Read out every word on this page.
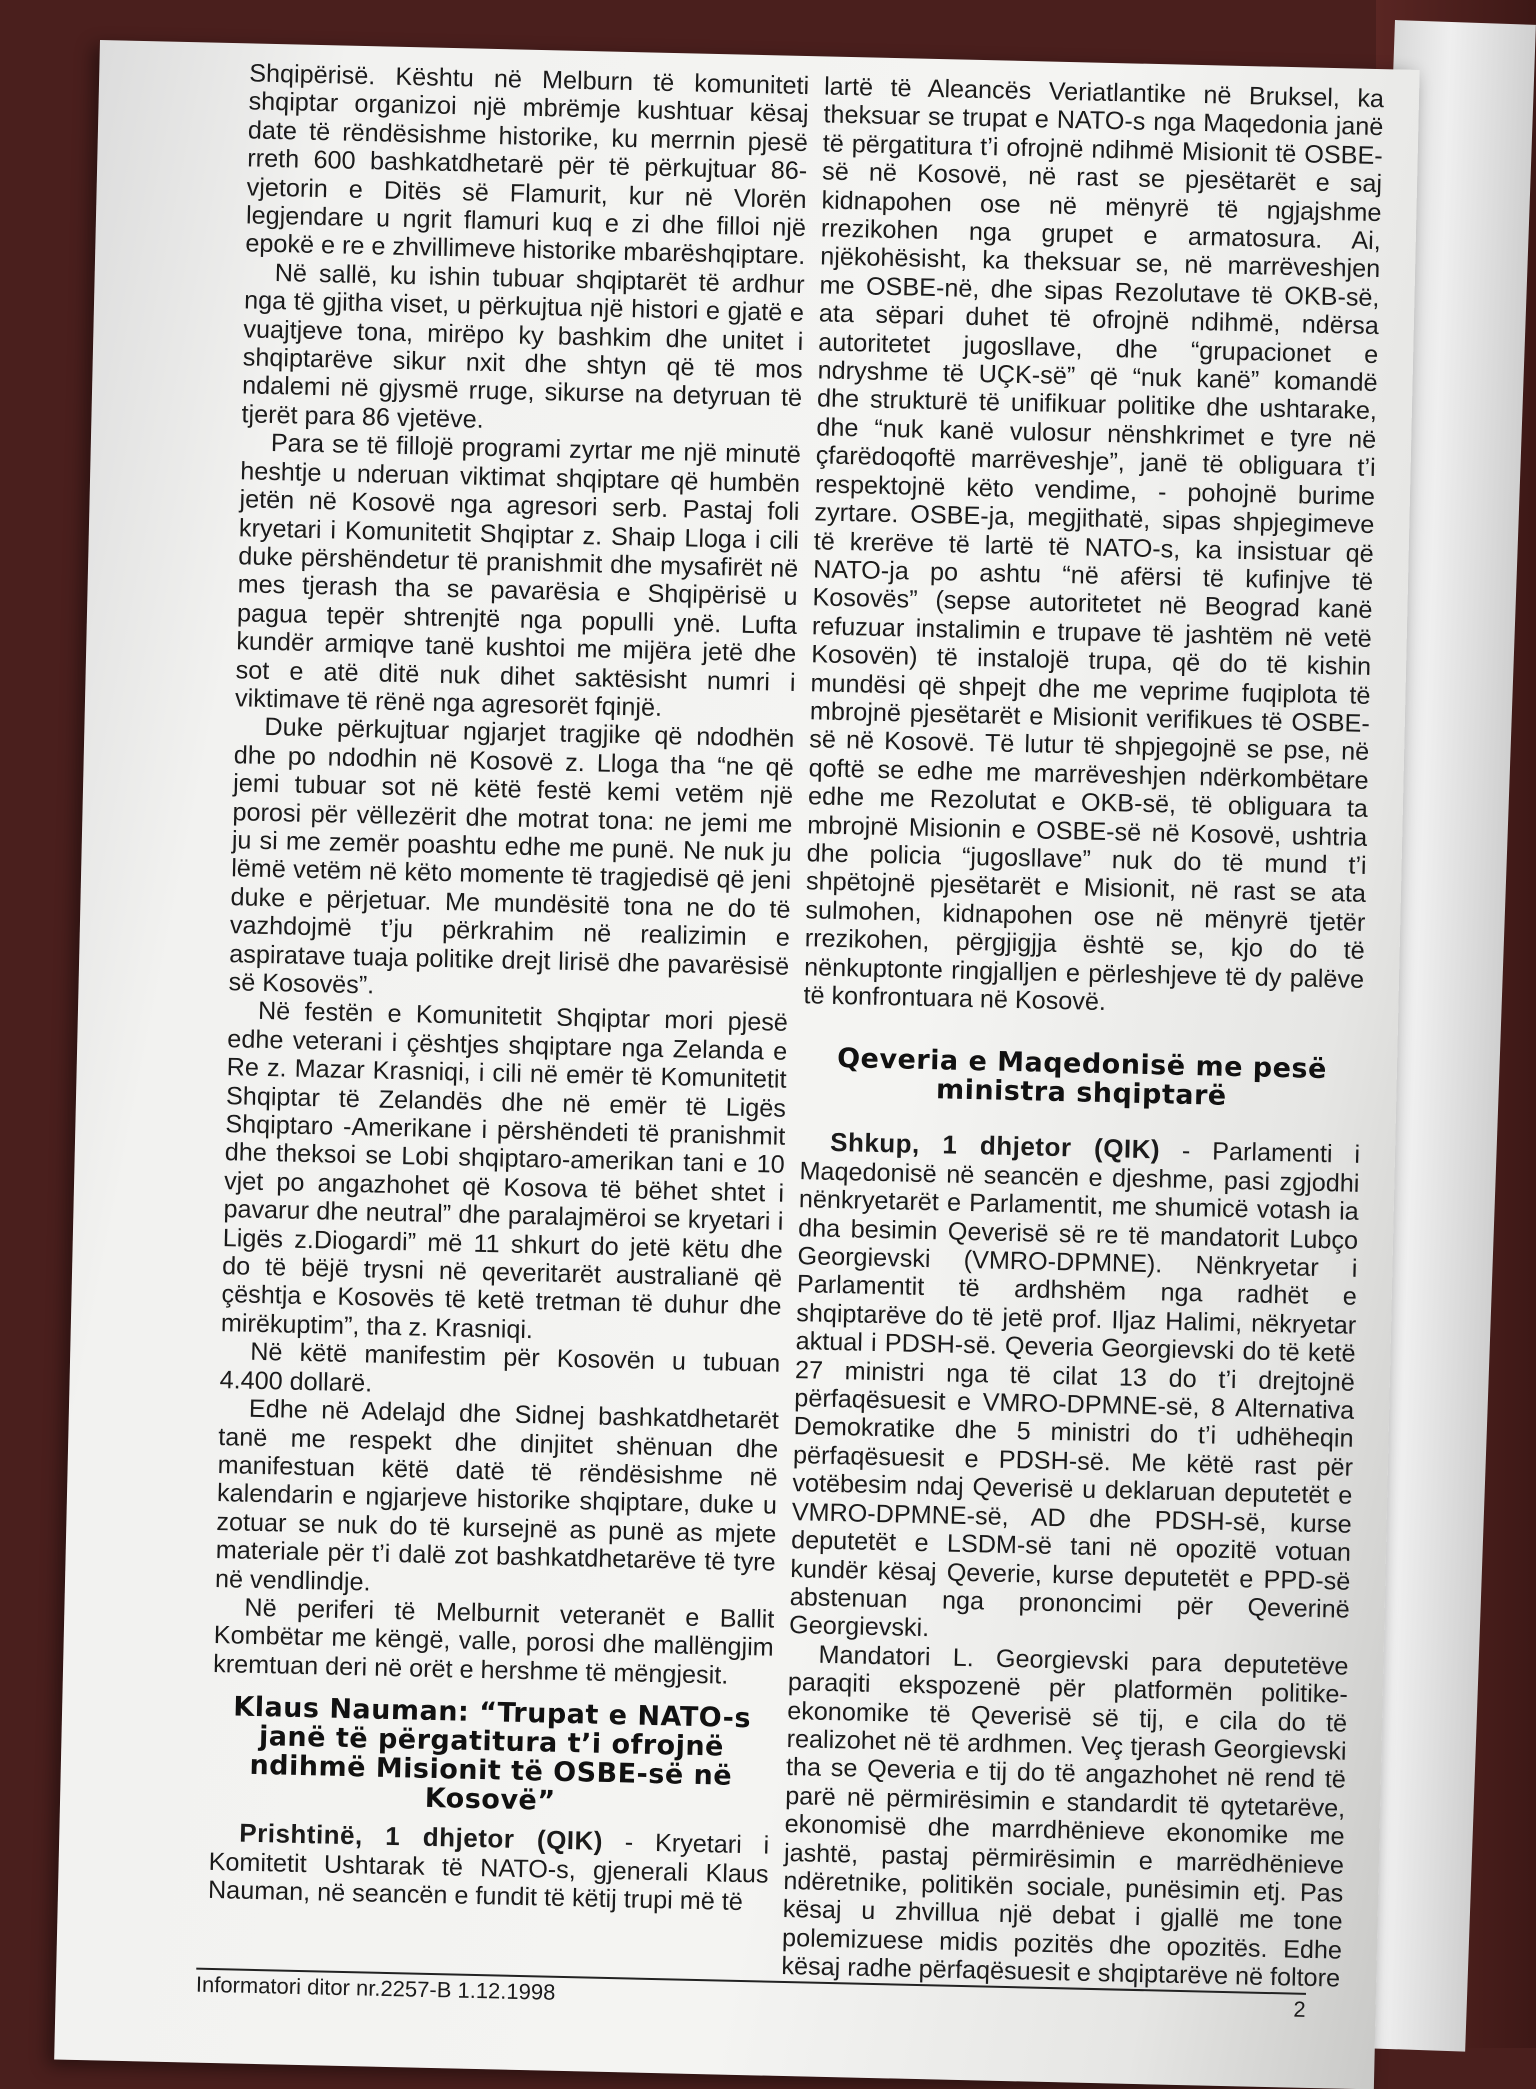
Shqipërisë. Kështu në Melburn të komuniteti shqiptar organizoi një mbrëmje kushtuar kësaj date të rëndësishme historike, ku merrnin pjesë rreth 600 bashkatdhetarë për të përkujtuar 86-vjetorin e Ditës së Flamurit, kur në Vlorën legjendare u ngrit flamuri kuq e zi dhe filloi një epokë e re e zhvillimeve historike mbarëshqiptare.

Në sallë, ku ishin tubuar shqiptarët të ardhur nga të gjitha viset, u përkujtua një histori e gjatë e vuajtjeve tona, mirëpo ky bashkim dhe unitet i shqiptarëve sikur nxit dhe shtyn që të mos ndalemi në gjysmë rruge, sikurse na detyruan të tjerët para 86 vjetëve.

Para se të fillojë programi zyrtar me një minutë heshtje u nderuan viktimat shqiptare që humbën jetën në Kosovë nga agresori serb. Pastaj foli kryetari i Komunitetit Shqiptar z. Shaip Lloga i cili duke përshëndetur të pranishmit dhe mysafirët në mes tjerash tha se pavarësia e Shqipërisë u pagua tepër shtrenjtë nga populli ynë. Lufta kundër armiqve tanë kushtoi me mijëra jetë dhe sot e atë ditë nuk dihet saktësisht numri i viktimave të rënë nga agresorët fqinjë.

Duke përkujtuar ngjarjet tragjike që ndodhën dhe po ndodhin në Kosovë z. Lloga tha “ne që jemi tubuar sot në këtë festë kemi vetëm një porosi për vëllezërit dhe motrat tona: ne jemi me ju si me zemër poashtu edhe me punë. Ne nuk ju lëmë vetëm në këto momente të tragjedisë që jeni duke e përjetuar. Me mundësitë tona ne do të vazhdojmë t’ju përkrahim në realizimin e aspiratave tuaja politike drejt lirisë dhe pavarësisë së Kosovës”.

Në festën e Komunitetit Shqiptar mori pjesë edhe veterani i çështjes shqiptare nga Zelanda e Re z. Mazar Krasniqi, i cili në emër të Komunitetit Shqiptar të Zelandës dhe në emër të Ligës Shqiptaro -Amerikane i përshëndeti të pranishmit dhe theksoi se Lobi shqiptaro-amerikan tani e 10 vjet po angazhohet që Kosova të bëhet shtet i pavarur dhe neutral” dhe paralajmëroi se kryetari i Ligës z.Diogardi” më 11 shkurt do jetë këtu dhe do të bëjë trysni në qeveritarët australianë që çështja e Kosovës të ketë tretman të duhur dhe mirëkuptim”, tha z. Krasniqi.

Në këtë manifestim për Kosovën u tubuan 4.400 dollarë.

Edhe në Adelajd dhe Sidnej bashkatdhetarët tanë me respekt dhe dinjitet shënuan dhe manifestuan këtë datë të rëndësishme në kalendarin e ngjarjeve historike shqiptare, duke u zotuar se nuk do të kursejnë as punë as mjete materiale për t’i dalë zot bashkatdhetarëve të tyre në vendlindje.

Në periferi të Melburnit veteranët e Ballit Kombëtar me këngë, valle, porosi dhe mallëngjim kremtuan deri në orët e hershme të mëngjesit.

Klaus Nauman: “Trupat e NATO-s janë të përgatitura t’i ofrojnë ndihmë Misionit të OSBE-së në Kosovë”

Prishtinë, 1 dhjetor (QIK) - Kryetari i Komitetit Ushtarak të NATO-s, gjenerali Klaus Nauman, në seancën e fundit të këtij trupi më të

lartë të Aleancës Veriatlantike në Bruksel, ka theksuar se trupat e NATO-s nga Maqedonia janë të përgatitura t’i ofrojnë ndihmë Misionit të OSBE-së në Kosovë, në rast se pjesëtarët e saj kidnapohen ose në mënyrë të ngjajshme rrezikohen nga grupet e armatosura. Ai, njëkohësisht, ka theksuar se, në marrëveshjen me OSBE-në, dhe sipas Rezolutave të OKB-së, ata sëpari duhet të ofrojnë ndihmë, ndërsa autoritetet jugosllave, dhe “grupacionet e ndryshme të UÇK-së” që “nuk kanë” komandë dhe strukturë të unifikuar politike dhe ushtarake, dhe “nuk kanë vulosur nënshkrimet e tyre në çfarëdoqoftë marrëveshje”, janë të obliguara t’i respektojnë këto vendime, - pohojnë burime zyrtare. OSBE-ja, megjithatë, sipas shpjegimeve të krerëve të lartë të NATO-s, ka insistuar që NATO-ja po ashtu “në afërsi të kufinjve të Kosovës” (sepse autoritetet në Beograd kanë refuzuar instalimin e trupave të jashtëm në vetë Kosovën) të instalojë trupa, që do të kishin mundësi që shpejt dhe me veprime fuqiplota të mbrojnë pjesëtarët e Misionit verifikues të OSBE-së në Kosovë. Të lutur të shpjegojnë se pse, në qoftë se edhe me marrëveshjen ndërkombëtare edhe me Rezolutat e OKB-së, të obliguara ta mbrojnë Misionin e OSBE-së në Kosovë, ushtria dhe policia “jugosllave” nuk do të mund t’i shpëtojnë pjesëtarët e Misionit, në rast se ata sulmohen, kidnapohen ose në mënyrë tjetër rrezikohen, përgjigjja është se, kjo do të nënkuptonte ringjalljen e përleshjeve të dy palëve të konfrontuara në Kosovë.

Qeveria e Maqedonisë me pesë ministra shqiptarë

Shkup, 1 dhjetor (QIK) - Parlamenti i Maqedonisë në seancën e djeshme, pasi zgjodhi nënkryetarët e Parlamentit, me shumicë votash ia dha besimin Qeverisë së re të mandatorit Lubço Georgievski (VMRO-DPMNE). Nënkryetar i Parlamentit të ardhshëm nga radhët e shqiptarëve do të jetë prof. Iljaz Halimi, nëkryetar aktual i PDSH-së. Qeveria Georgievski do të ketë 27 ministri nga të cilat 13 do t’i drejtojnë përfaqësuesit e VMRO-DPMNE-së, 8 Alternativa Demokratike dhe 5 ministri do t’i udhëheqin përfaqësuesit e PDSH-së. Me këtë rast për votëbesim ndaj Qeverisë u deklaruan deputetët e VMRO-DPMNE-së, AD dhe PDSH-së, kurse deputetët e LSDM-së tani në opozitë votuan kundër kësaj Qeverie, kurse deputetët e PPD-së abstenuan nga prononcimi për Qeverinë Georgievski.

Mandatori L. Georgievski para deputetëve paraqiti ekspozenë për platformën politike-ekonomike të Qeverisë së tij, e cila do të realizohet në të ardhmen. Veç tjerash Georgievski tha se Qeveria e tij do të angazhohet në rend të parë në përmirësimin e standardit të qytetarëve, ekonomisë dhe marrdhënieve ekonomike me jashtë, pastaj përmirësimin e marrëdhënieve ndëretnike, politikën sociale, punësimin etj. Pas kësaj u zhvillua një debat i gjallë me tone polemizuese midis pozitës dhe opozitës. Edhe kësaj radhe përfaqësuesit e shqiptarëve në foltore

Informatori ditor nr.2257-B 1.12.1998
2
